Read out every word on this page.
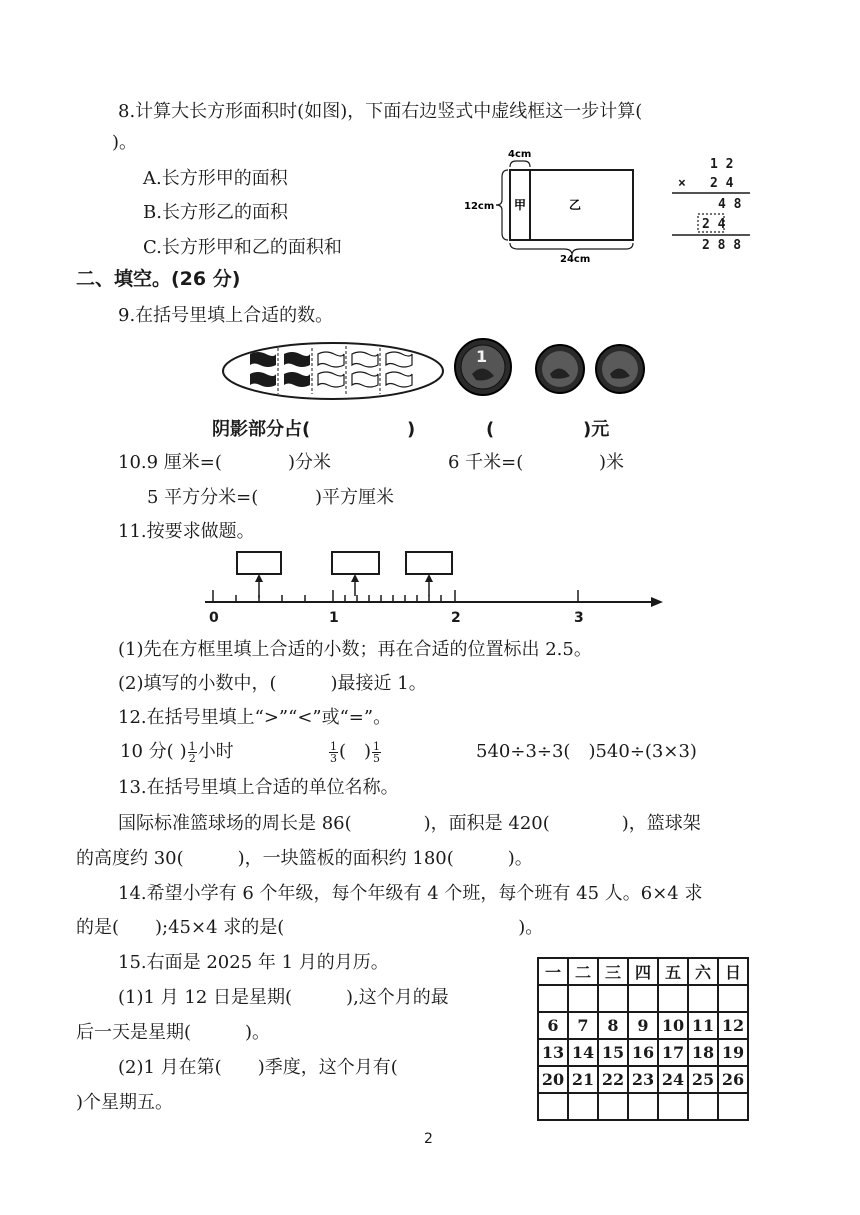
8.计算大长方形面积时(如图)，下面右边竖式中虚线框这一步计算(
)。
A.长方形甲的面积
B.长方形乙的面积
C.长方形甲和乙的面积和
4cm
12cm
24cm
甲	乙
1 2
× 2 4
4 8
2 4
2 8 8
二、填空。(26 分)
9.在括号里填上合适的数。
1
阴影部分占(	)	(	)元
10.9 厘米=(	)分米	6 千米=(	)米
5 平方分米=(	)平方厘米
11.按要求做题。
0	1	2	3
(1)先在方框里填上合适的小数；再在合适的位置标出 2.5。
(2)填写的小数中，(　　　)最接近 1。
12.在括号里填上“>”“<”或“=”。
10 分( ) $\frac{1}{2}$ 小时	$\frac{1}{3}$ (　) $\frac{1}{5}$	540÷3÷3(　)540÷(3×3)
13.在括号里填上合适的单位名称。
国际标准篮球场的周长是 86(　　　　)，面积是 420(　　　　)，篮球架
的高度约 30(　　　)，一块篮板的面积约 180(　　　)。
14.希望小学有 6 个年级，每个年级有 4 个班，每个班有 45 人。6×4 求
的是(　　);45×4 求的是(　　　　　　　　　　　　　)。
15.右面是 2025 年 1 月的月历。
(1)1 月 12 日是星期(　　　),这个月的最
后一天是星期(　　　)。
(2)1 月在第(　　)季度，这个月有(
)个星期五。
一	二	三	四	五	六	日

6	7	8	9	10	11	12
13	14	15	16	17	18	19
20	21	22	23	24	25	26

2
